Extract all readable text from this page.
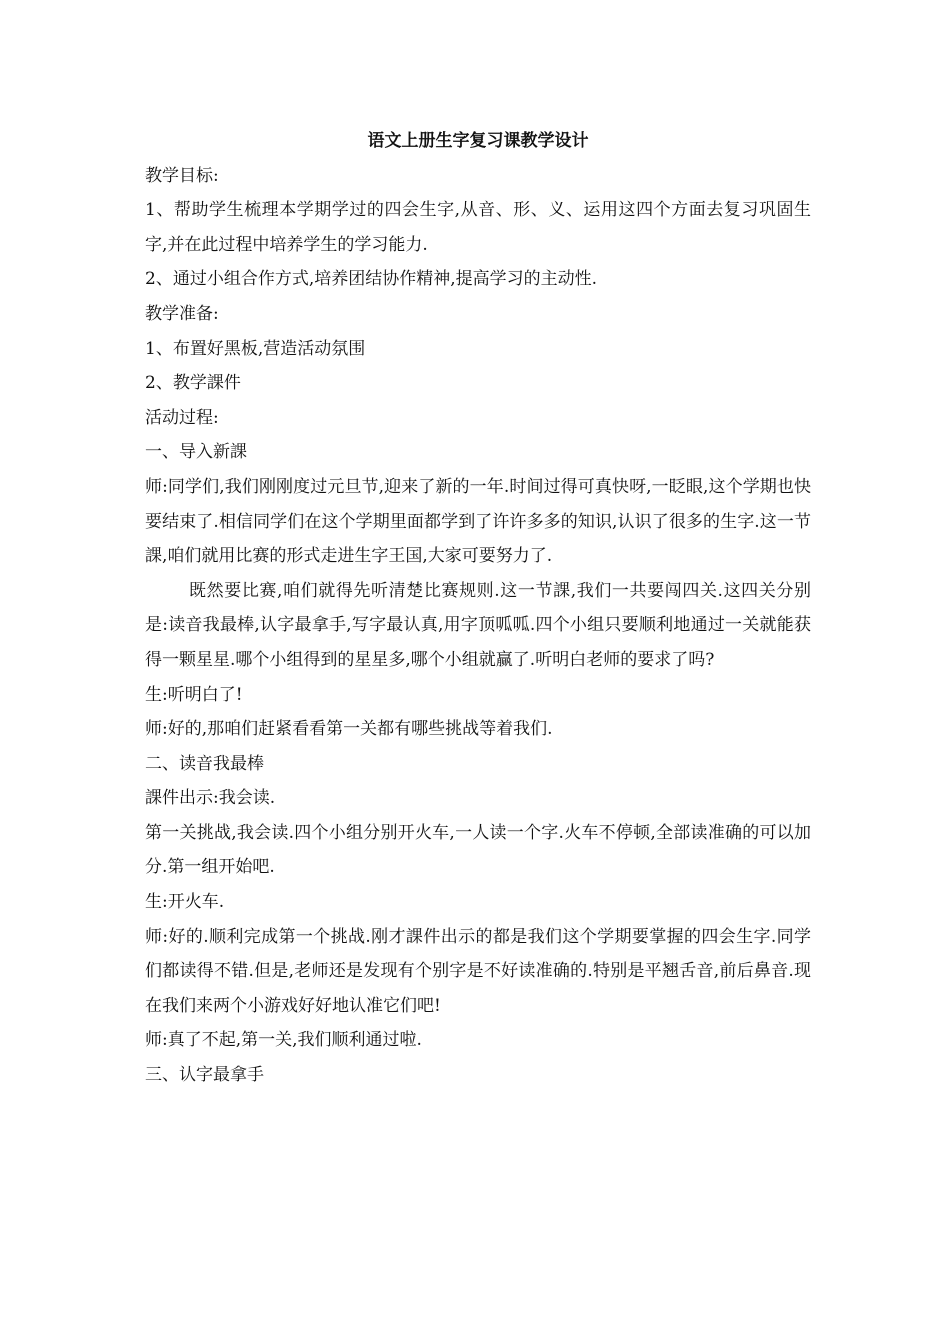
语文上册生字复习课教学设计

教学目标:

1、帮助学生梳理本学期学过的四会生字,从音、形、义、运用这四个方面去复习巩固生字,并在此过程中培养学生的学习能力.

2、通过小组合作方式,培养团结协作精神,提高学习的主动性.

教学准备:

1、布置好黑板,营造活动氛围

2、教学課件

活动过程:

一、导入新課

师:同学们,我们刚刚度过元旦节,迎来了新的一年.时间过得可真快呀,一眨眼,这个学期也快要结束了.相信同学们在这个学期里面都学到了许许多多的知识,认识了很多的生字.这一节課,咱们就用比赛的形式走进生字王国,大家可要努力了.

既然要比赛,咱们就得先听清楚比赛规则.这一节課,我们一共要闯四关.这四关分别是:读音我最棒,认字最拿手,写字最认真,用字顶呱呱.四个小组只要顺利地通过一关就能获得一颗星星.哪个小组得到的星星多,哪个小组就赢了.听明白老师的要求了吗?

生:听明白了!

师:好的,那咱们赶紧看看第一关都有哪些挑战等着我们.

二、读音我最棒

課件出示:我会读.

第一关挑战,我会读.四个小组分别开火车,一人读一个字.火车不停顿,全部读准确的可以加分.第一组开始吧.

生:开火车.

师:好的.顺利完成第一个挑战.刚才課件出示的都是我们这个学期要掌握的四会生字.同学们都读得不错.但是,老师还是发现有个别字是不好读准确的.特别是平翘舌音,前后鼻音.现在我们来两个小游戏好好地认准它们吧!

师:真了不起,第一关,我们顺利通过啦.

三、认字最拿手
